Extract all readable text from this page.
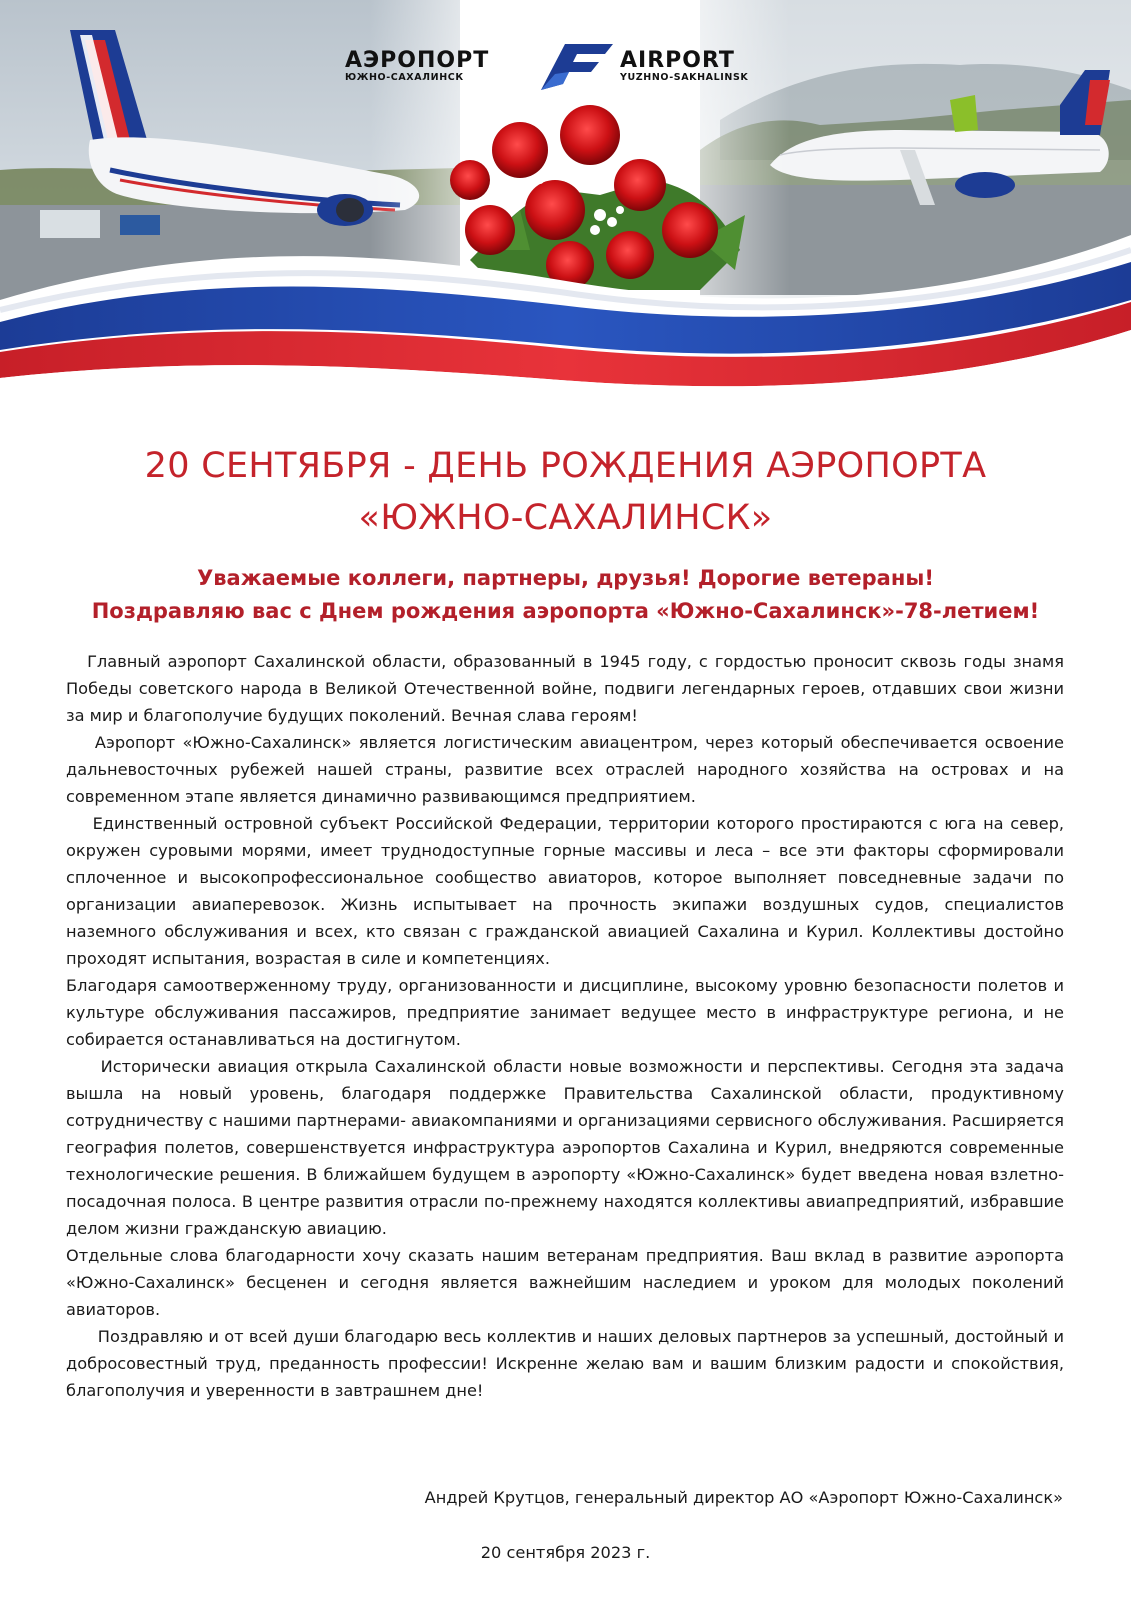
АЭРОПОРТ
ЮЖНО-САХАЛИНСК
AIRPORT
YUZHNO-SAKHALINSK
20 СЕНТЯБРЯ - ДЕНЬ РОЖДЕНИЯ АЭРОПОРТА
«ЮЖНО-САХАЛИНСК»
Уважаемые коллеги, партнеры, друзья! Дорогие ветераны!
Поздравляю вас с Днем рождения аэропорта «Южно-Сахалинск»-78-летием!

Главный аэропорт Сахалинской области, образованный в 1945 году, с гордостью проносит сквозь годы знамя Победы советского народа в Великой Отечественной войне, подвиги легендарных героев, отдавших свои жизни за мир и благополучие будущих поколений. Вечная слава героям!

Аэропорт «Южно-Сахалинск» является логистическим авиацентром, через который обеспечивается освоение дальневосточных рубежей нашей страны, развитие всех отраслей народного хозяйства на островах и на современном этапе является динамично развивающимся предприятием.

Единственный островной субъект Российской Федерации, территории которого простираются с юга на север, окружен суровыми морями, имеет труднодоступные горные массивы и леса – все эти факторы сформировали сплоченное и высокопрофессиональное сообщество авиаторов, которое выполняет повседневные задачи по организации авиаперевозок. Жизнь испытывает на прочность экипажи воздушных судов, специалистов наземного обслуживания и всех, кто связан с гражданской авиацией Сахалина и Курил. Коллективы достойно проходят испытания, возрастая в силе и компетенциях.

Благодаря самоотверженному труду, организованности и дисциплине, высокому уровню безопасности полетов и культуре обслуживания пассажиров, предприятие занимает ведущее место в инфраструктуре региона, и не собирается останавливаться на достигнутом.

Исторически авиация открыла Сахалинской области новые возможности и перспективы. Сегодня эта задача вышла на новый уровень, благодаря поддержке Правительства Сахалинской области, продуктивному сотрудничеству с нашими партнерами- авиакомпаниями и организациями сервисного обслуживания. Расширяется география полетов, совершенствуется инфраструктура аэропортов Сахалина и Курил, внедряются современные технологические решения. В ближайшем будущем в аэропорту «Южно-Сахалинск» будет введена новая взлетно-посадочная полоса. В центре развития отрасли по-прежнему находятся коллективы авиапредприятий, избравшие делом жизни гражданскую авиацию.

Отдельные слова благодарности хочу сказать нашим ветеранам предприятия. Ваш вклад в развитие аэропорта «Южно-Сахалинск» бесценен и сегодня является важнейшим наследием и уроком для молодых поколений авиаторов.

Поздравляю и от всей души благодарю весь коллектив и наших деловых партнеров за успешный, достойный и добросовестный труд, преданность профессии! Искренне желаю вам и вашим близким радости и спокойствия, благополучия и уверенности в завтрашнем дне!

Андрей Крутцов, генеральный директор АО «Аэропорт Южно-Сахалинск»
20 сентября 2023 г.
